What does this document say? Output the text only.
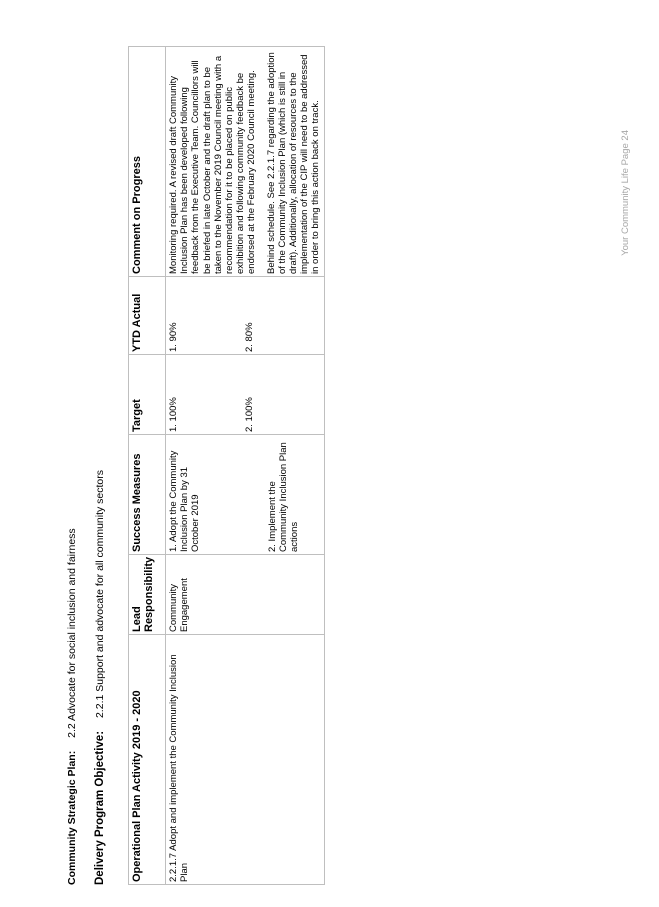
Community Strategic Plan: 2.2 Advocate for social inclusion and fairness
Delivery Program Objective: 2.2.1 Support and advocate for all community sectors
Operational Plan Activity 2019 - 2020	Lead Responsibility	Success Measures	Target	YTD Actual	Comment on Progress
2.2.1.7 Adopt and implement the Community Inclusion Plan	Community Engagement	1. Adopt the Community Inclusion Plan by 31 October 2019 2. Implement the Community Inclusion Plan actions	1. 100% 2. 100%	1. 90% 2. 80%	Monitoring required. A revised draft Community Inclusion Plan has been developed following feedback from the Executive Team. Councillors will be briefed in late October and the draft plan to be taken to the November 2019 Council meeting with a recommendation for it to be placed on public exhibition and following community feedback be endorsed at the February 2020 Council meeting. Behind schedule. See 2.2.1.7 regarding the adoption of the Community Inclusion Plan (which is still in draft). Additionally, allocation of resources to the implementation of the CIP will need to be addressed in order to bring this action back on track.	Your Community Life Page 24
